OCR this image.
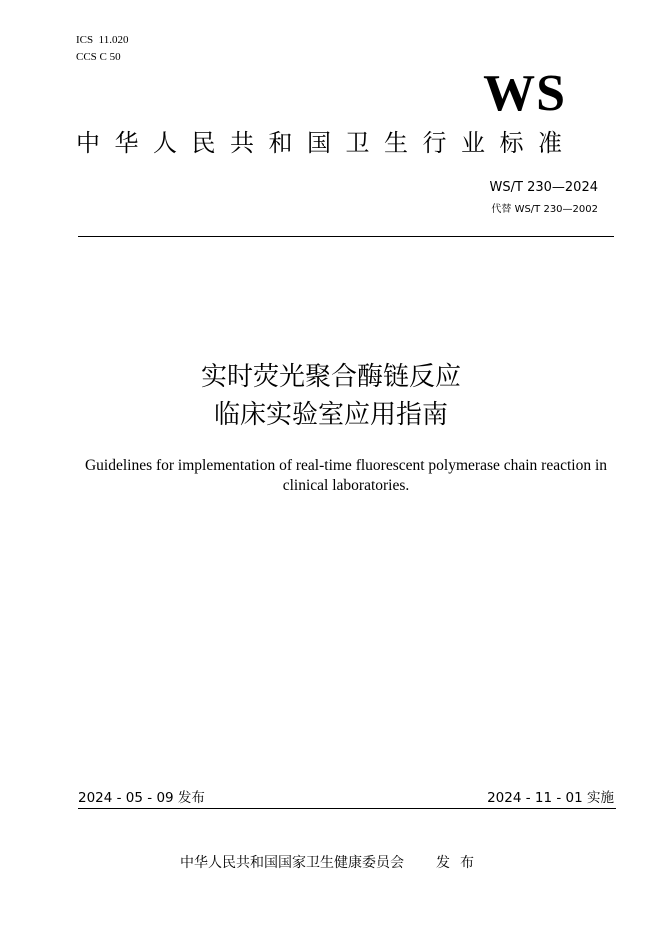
ICS  11.020
CCS C 50
WS
中华人民共和国卫生行业标准
WS/T 230—2024
代替 WS/T 230—2002
实时荧光聚合酶链反应
临床实验室应用指南
Guidelines for implementation of real-time fluorescent polymerase chain reaction in clinical laboratories.
2024 - 05 - 09 发布	2024 - 11 - 01 实施
中华人民共和国国家卫生健康委员会 发布
